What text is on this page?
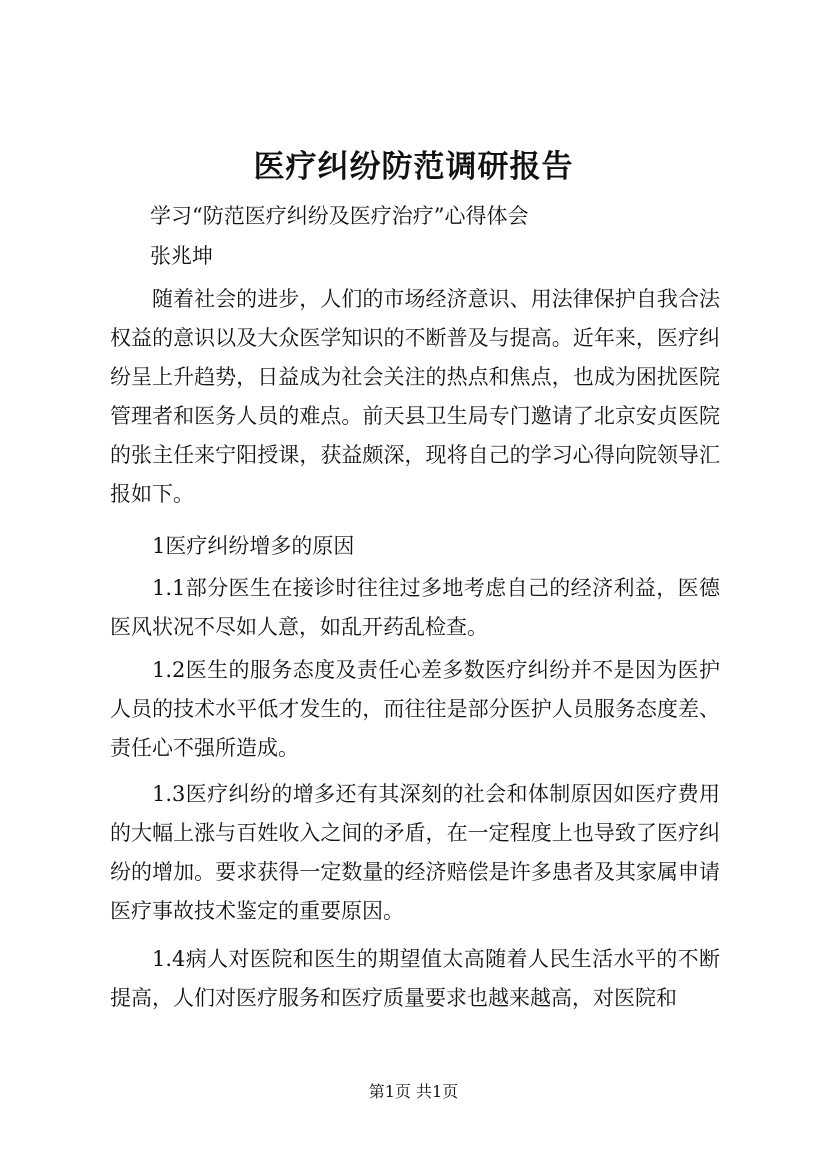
医疗纠纷防范调研报告
学习“防范医疗纠纷及医疗治疗”心得体会
张兆坤

随着社会的进步，人们的市场经济意识、用法律保护自我合法权益的意识以及大众医学知识的不断普及与提高。近年来，医疗纠纷呈上升趋势，日益成为社会关注的热点和焦点，也成为困扰医院管理者和医务人员的难点。前天县卫生局专门邀请了北京安贞医院的张主任来宁阳授课，获益颇深，现将自己的学习心得向院领导汇报如下。

1医疗纠纷增多的原因

1.1部分医生在接诊时往往过多地考虑自己的经济利益，医德医风状况不尽如人意，如乱开药乱检查。

1.2医生的服务态度及责任心差多数医疗纠纷并不是因为医护人员的技术水平低才发生的，而往往是部分医护人员服务态度差、责任心不强所造成。

1.3医疗纠纷的增多还有其深刻的社会和体制原因如医疗费用的大幅上涨与百姓收入之间的矛盾，在一定程度上也导致了医疗纠纷的增加。要求获得一定数量的经济赔偿是许多患者及其家属申请医疗事故技术鉴定的重要原因。

1.4病人对医院和医生的期望值太高随着人民生活水平的不断提高，人们对医疗服务和医疗质量要求也越来越高，对医院和

第1页 共1页
